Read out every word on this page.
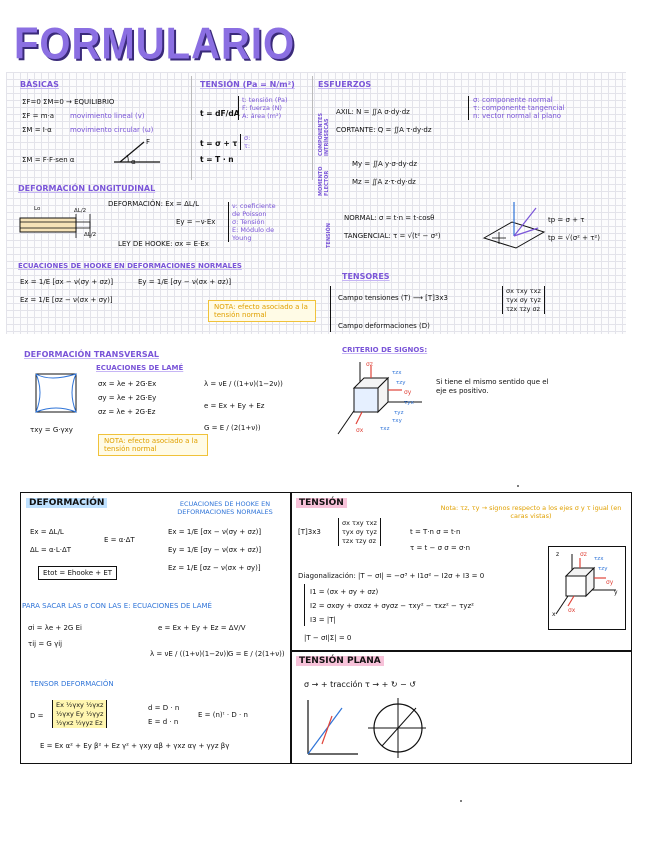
FORMULARIO
BÁSICAS
ΣF=0 ΣM=0 → EQUILIBRIO
ΣF = m·a movimiento lineal (v)
ΣM = I·α	movimiento circular (ω)
ΣM = F·F·sen α
F
α
TENSIÓN (Pa = N/m²)
t = dF/dA
t: tensión (Pa)
F: fuerza (N)
A: área (m²)
t = σ + τ
σ:
τ:
t = T · n
ESFUERZOS
COMPONENTES INTRÍNSECAS
AXIL: N = ∬A σ·dy·dz
CORTANTE: Q = ∬A τ·dy·dz
σ: componente normal
τ: componente tangencial
n: vector normal al plano
MOMENTO FLECTOR
My = ∬A y·σ·dy·dz
Mz = ∬A z·τ·dy·dz
TENSIÓN
NORMAL: σ = t·n = t·cosθ
TANGENCIAL: τ = √(t² − σ²)
tp = σ + τ
tp = √(σ² + τ²)
DEFORMACIÓN LONGITUDINAL
DEFORMACIÓN: Ex = ΔL/L
Ey = −ν·Ex
LEY DE HOOKE: σx = E·Ex
ν: coeficiente
de Poisson
σ: Tensión
E: Módulo de
Young
Lo	ΔL/2
ΔL/2
ECUACIONES DE HOOKE EN DEFORMACIONES NORMALES
Ex = 1/E [σx − ν(σy + σz)]	Ey = 1/E [σy − ν(σx + σz)]
Ez = 1/E [σz − ν(σx + σy)]
NOTA: efecto asociado a la tensión normal
TENSORES
Campo tensiones (T) ⟶ [T]3x3
σx τxy τxz
τyx σy τyz
τzx τzy σz
Campo deformaciones (D)
DEFORMACIÓN TRANSVERSAL
τxy = G·γxy
ECUACIONES DE LAMÉ
σx = λe + 2G·Ex
σy = λe + 2G·Ey
σz = λe + 2G·Ez
λ = νE / ((1+ν)(1−2ν))
e = Ex + Ey + Ez
G = E / (2(1+ν))
NOTA: efecto asociado a la tensión normal
CRITERIO DE SIGNOS:
σz
τzx
τzy
σy
τyx
τyz
σx	τxz
τxy
Si tiene el mismo sentido que el eje es positivo.
DEFORMACIÓN
Ex = ΔL/L
ΔL = α·L·ΔT
E = α·ΔT
Etot = Ehooke + ET
ECUACIONES DE HOOKE EN DEFORMACIONES NORMALES
Ex = 1/E [σx − ν(σy + σz)]
Ey = 1/E [σy − ν(σx + σz)]
Ez = 1/E [σz − ν(σx + σy)]
PARA SACAR LAS σ CON LAS E: ECUACIONES DE LAMÉ
σi = λe + 2G Ei
τij = G γij
e = Ex + Ey + Ez = ΔV/V
λ = νE / ((1+ν)(1−2ν)) G = E / (2(1+ν))
TENSOR DEFORMACIÓN
D =
Ex ½γxy ½γxz
½γxy Ey ½γyz
½γxz ½γyz Ez
d = D · n
E = d · n
E = (n)ᵗ · D · n
E = Ex α² + Ey β² + Ez γ² + γxy αβ + γxz αγ + γyz βγ
TENSIÓN
[T]3x3
σx τxy τxz
τyx σy τyz
τzx τzy σz
t = T·n σ = t·n
τ = t − σ σ = σ·n
Nota: τz, τy → signos respecto a los ejes σ y τ igual (en caras vistas)
Diagonalización: |T − σI| = −σ³ + I1σ² − I2σ + I3 = 0
I1 = (σx + σy + σz)
I2 = σxσy + σxσz + σyσz − τxy² − τxz² − τyz²
I3 = |T|
|T − σI|Σ| = 0
z
τzx
τzy
σz
σy
y
x
σx
TENSIÓN PLANA
σ → + tracción τ → + ↻ − ↺
